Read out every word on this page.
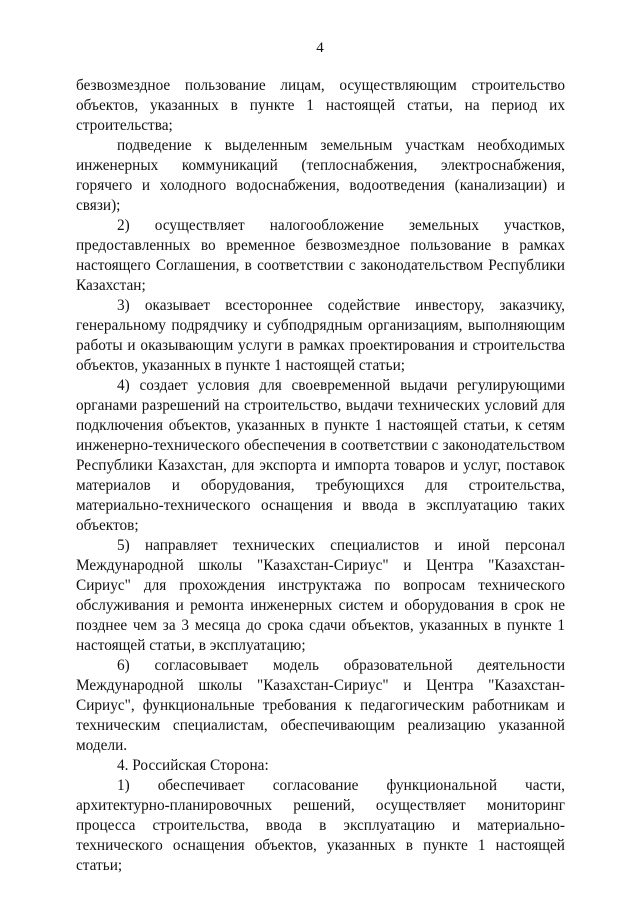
4

безвозмездное пользование лицам, осуществляющим строительство объектов, указанных в пункте 1 настоящей статьи, на период их строительства;

подведение к выделенным земельным участкам необходимых инженерных коммуникаций (теплоснабжения, электроснабжения, горячего и холодного водоснабжения, водоотведения (канализации) и связи);

2) осуществляет налогообложение земельных участков, предоставленных во временное безвозмездное пользование в рамках настоящего Соглашения, в соответствии с законодательством Республики Казахстан;

3) оказывает всестороннее содействие инвестору, заказчику, генеральному подрядчику и субподрядным организациям, выполняющим работы и оказывающим услуги в рамках проектирования и строительства объектов, указанных в пункте 1 настоящей статьи;

4) создает условия для своевременной выдачи регулирующими органами разрешений на строительство, выдачи технических условий для подключения объектов, указанных в пункте 1 настоящей статьи, к сетям инженерно-технического обеспечения в соответствии с законодательством Республики Казахстан, для экспорта и импорта товаров и услуг, поставок материалов и оборудования, требующихся для строительства, материально-технического оснащения и ввода в эксплуатацию таких объектов;

5) направляет технических специалистов и иной персонал Международной школы "Казахстан-Сириус" и Центра "Казахстан-Сириус" для прохождения инструктажа по вопросам технического обслуживания и ремонта инженерных систем и оборудования в срок не позднее чем за 3 месяца до срока сдачи объектов, указанных в пункте 1 настоящей статьи, в эксплуатацию;

6) согласовывает модель образовательной деятельности Международной школы "Казахстан-Сириус" и Центра "Казахстан-Сириус", функциональные требования к педагогическим работникам и техническим специалистам, обеспечивающим реализацию указанной модели.

4. Российская Сторона:

1) обеспечивает согласование функциональной части, архитектурно-планировочных решений, осуществляет мониторинг процесса строительства, ввода в эксплуатацию и материально-технического оснащения объектов, указанных в пункте 1 настоящей статьи;
